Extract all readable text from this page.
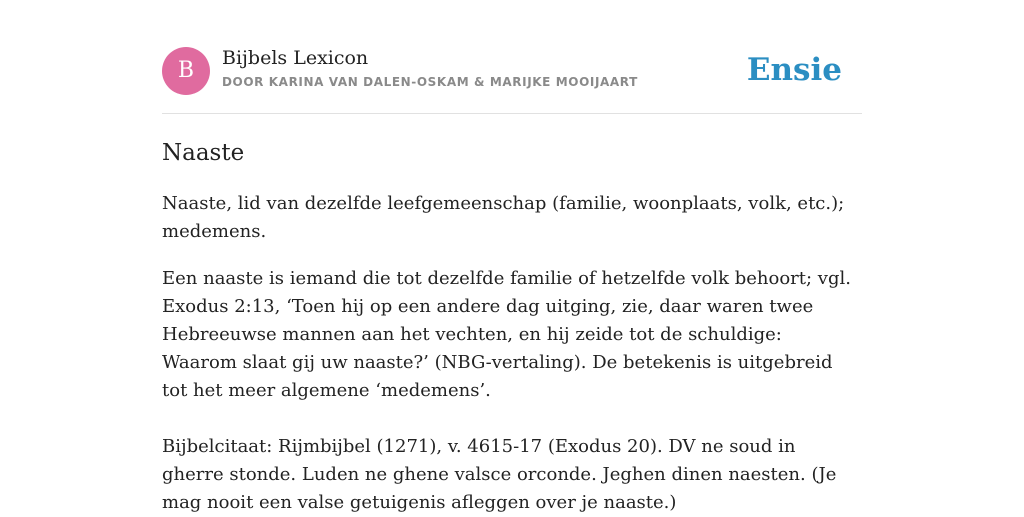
B	Bijbels Lexicon
DOOR KARINA VAN DALEN-OSKAM & MARIJKE MOOIJAART	Ensie
Naaste

Naaste, lid van dezelfde leefgemeenschap (familie, woonplaats, volk, etc.); medemens.

Een naaste is iemand die tot dezelfde familie of hetzelfde volk behoort; vgl. Exodus 2:13, ‘Toen hij op een andere dag uitging, zie, daar waren twee Hebreeuwse mannen aan het vechten, en hij zeide tot de schuldige: Waarom slaat gij uw naaste?’ (NBG-vertaling). De betekenis is uitgebreid tot het meer algemene ‘medemens’.

Bijbelcitaat: Rijmbijbel (1271), v. 4615-17 (Exodus 20). DV ne soud in gherre stonde. Luden ne ghene valsce orconde. Jeghen dinen naesten. (Je mag nooit een valse getuigenis afleggen over je naaste.)
